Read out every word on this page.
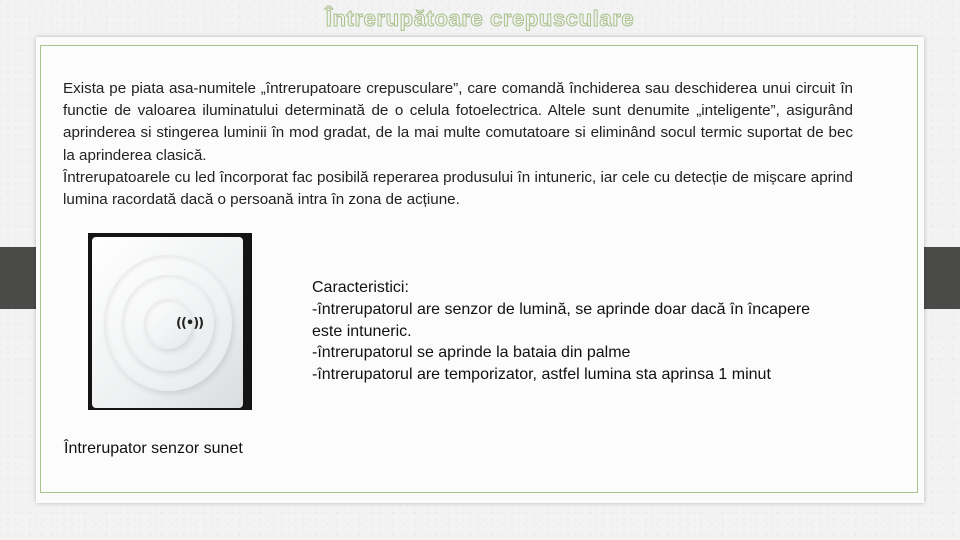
Întrerupătoare crepusculare

Exista pe piata asa-numitele „întrerupatoare crepusculare”, care comandă închiderea sau deschiderea unui circuit în functie de valoarea iluminatului determinată de o celula fotoelectrica. Altele sunt denumite „inteligente”, asigurând aprinderea si stingerea luminii în mod gradat, de la mai multe comutatoare si eliminând socul termic suportat de bec la aprinderea clasică.

Întrerupatoarele cu led încorporat fac posibilă reperarea produsului în intuneric, iar cele cu detecție de mișcare aprind lumina racordată dacă o persoană intra în zona de acțiune.

((•))
Întrerupator senzor sunet
Caracteristici:
-întrerupatorul are senzor de lumină, se aprinde doar dacă în încapere este intuneric.
-întrerupatorul se aprinde la bataia din palme
-întrerupatorul are temporizator, astfel lumina sta aprinsa 1 minut
